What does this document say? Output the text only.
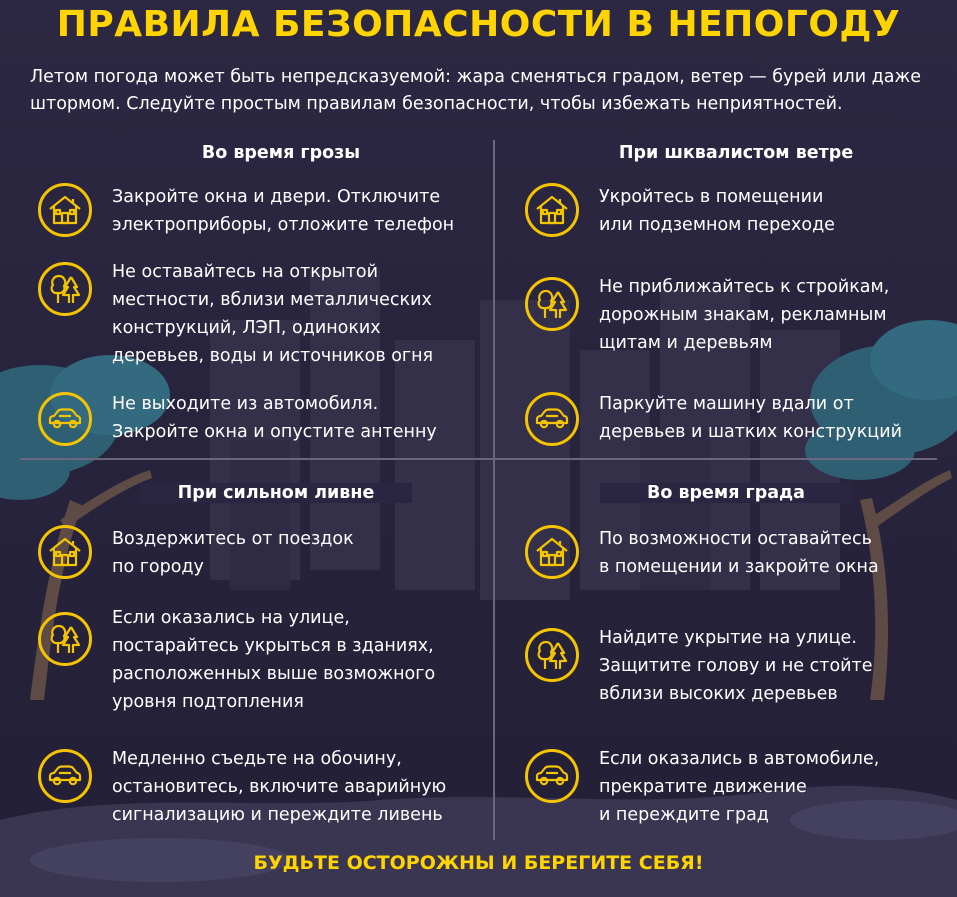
ПРАВИЛА БЕЗОПАСНОСТИ В НЕПОГОДУ
Летом погода может быть непредсказуемой: жара сменяться градом, ветер — бурей или даже штормом. Следуйте простым правилам безопасности, чтобы избежать неприятностей.
Во время грозы
Закройте окна и двери. Отключите
электроприборы, отложите телефон
Не оставайтесь на открытой
местности, вблизи металлических
конструкций, ЛЭП, одиноких
деревьев, воды и источников огня
Не выходите из автомобиля.
Закройте окна и опустите антенну
При шквалистом ветре
Укройтесь в помещении
или подземном переходе
Не приближайтесь к стройкам,
дорожным знакам, рекламным
щитам и деревьям
Паркуйте машину вдали от
деревьев и шатких конструкций
При сильном ливне
Воздержитесь от поездок
по городу
Если оказались на улице,
постарайтесь укрыться в зданиях,
расположенных выше возможного
уровня подтопления
Медленно съедьте на обочину,
остановитесь, включите аварийную
сигнализацию и переждите ливень
Во время града
По возможности оставайтесь
в помещении и закройте окна
Найдите укрытие на улице.
Защитите голову и не стойте
вблизи высоких деревьев
Если оказались в автомобиле,
прекратите движение
и переждите град
БУДЬТЕ ОСТОРОЖНЫ И БЕРЕГИТЕ СЕБЯ!
